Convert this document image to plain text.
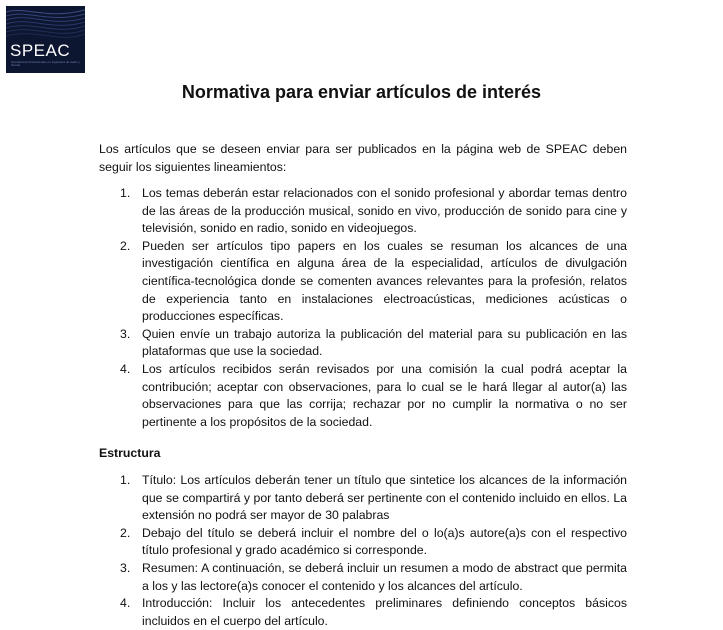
SPEAC
Sociedad de Profesionales en Ingeniería de Audio y Sonido
Normativa para enviar artículos de interés
Los artículos que se deseen enviar para ser publicados en la página web de SPEAC deben seguir los siguientes lineamientos:
1. Los temas deberán estar relacionados con el sonido profesional y abordar temas dentro de las áreas de la producción musical, sonido en vivo, producción de sonido para cine y televisión, sonido en radio, sonido en videojuegos.
2. Pueden ser artículos tipo papers en los cuales se resuman los alcances de una investigación científica en alguna área de la especialidad, artículos de divulgación científica-tecnológica donde se comenten avances relevantes para la profesión, relatos de experiencia tanto en instalaciones electroacústicas, mediciones acústicas o producciones específicas.
3. Quien envíe un trabajo autoriza la publicación del material para su publicación en las plataformas que use la sociedad.
4. Los artículos recibidos serán revisados por una comisión la cual podrá aceptar la contribución; aceptar con observaciones, para lo cual se le hará llegar al autor(a) las observaciones para que las corrija; rechazar por no cumplir la normativa o no ser pertinente a los propósitos de la sociedad.
Estructura
1. Título: Los artículos deberán tener un título que sintetice los alcances de la información que se compartirá y por tanto deberá ser pertinente con el contenido incluido en ellos. La extensión no podrá ser mayor de 30 palabras
2. Debajo del título se deberá incluir el nombre del o lo(a)s autore(a)s con el respectivo título profesional y grado académico si corresponde.
3. Resumen: A continuación, se deberá incluir un resumen a modo de abstract que permita a los y las lectore(a)s conocer el contenido y los alcances del artículo.
4. Introducción: Incluir los antecedentes preliminares definiendo conceptos básicos incluidos en el cuerpo del artículo.
